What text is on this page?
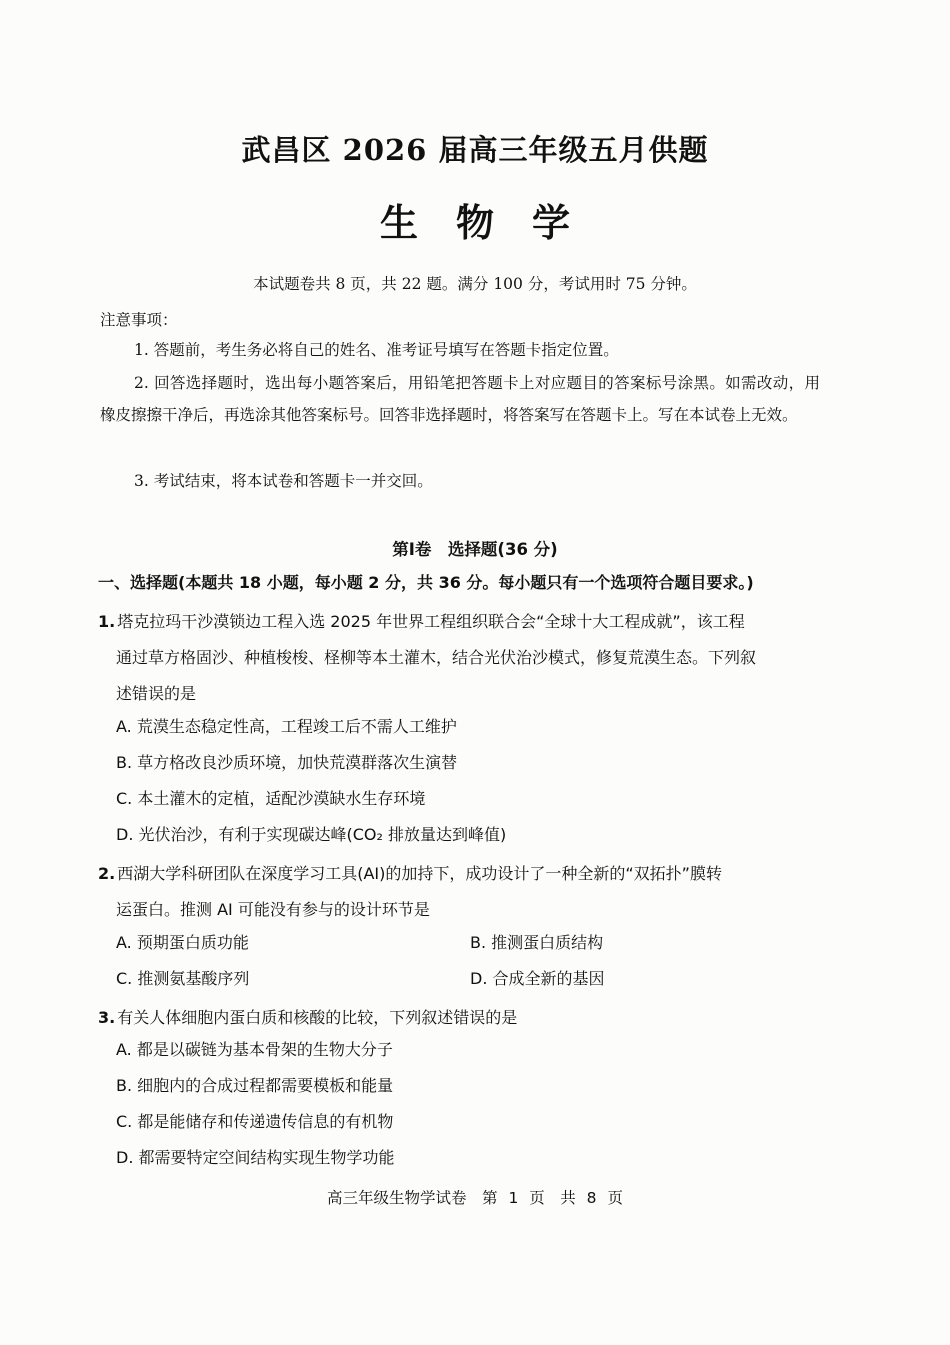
武昌区 2026 届高三年级五月供题
生物学
本试题卷共 8 页，共 22 题。满分 100 分，考试用时 75 分钟。
注意事项：
1. 答题前，考生务必将自己的姓名、准考证号填写在答题卡指定位置。
2. 回答选择题时，选出每小题答案后，用铅笔把答题卡上对应题目的答案标号涂黑。如需改动，用橡皮擦擦干净后，再选涂其他答案标号。回答非选择题时，将答案写在答题卡上。写在本试卷上无效。
3. 考试结束，将本试卷和答题卡一并交回。
第Ⅰ卷　选择题(36 分)
一、选择题(本题共 18 小题，每小题 2 分，共 36 分。每小题只有一个选项符合题目要求。)
1. 塔克拉玛干沙漠锁边工程入选 2025 年世界工程组织联合会“全球十大工程成就”，该工程
通过草方格固沙、种植梭梭、柽柳等本土灌木，结合光伏治沙模式，修复荒漠生态。下列叙
述错误的是
A. 荒漠生态稳定性高，工程竣工后不需人工维护
B. 草方格改良沙质环境，加快荒漠群落次生演替
C. 本土灌木的定植，适配沙漠缺水生存环境
D. 光伏治沙，有利于实现碳达峰(CO₂ 排放量达到峰值)
2. 西湖大学科研团队在深度学习工具(AI)的加持下，成功设计了一种全新的“双拓扑”膜转
运蛋白。推测 AI 可能没有参与的设计环节是
A. 预期蛋白质功能	B. 推测蛋白质结构
C. 推测氨基酸序列	D. 合成全新的基因
3. 有关人体细胞内蛋白质和核酸的比较，下列叙述错误的是
A. 都是以碳链为基本骨架的生物大分子
B. 细胞内的合成过程都需要模板和能量
C. 都是能储存和传递遗传信息的有机物
D. 都需要特定空间结构实现生物学功能
高三年级生物学试卷　第 1 页　共 8 页
